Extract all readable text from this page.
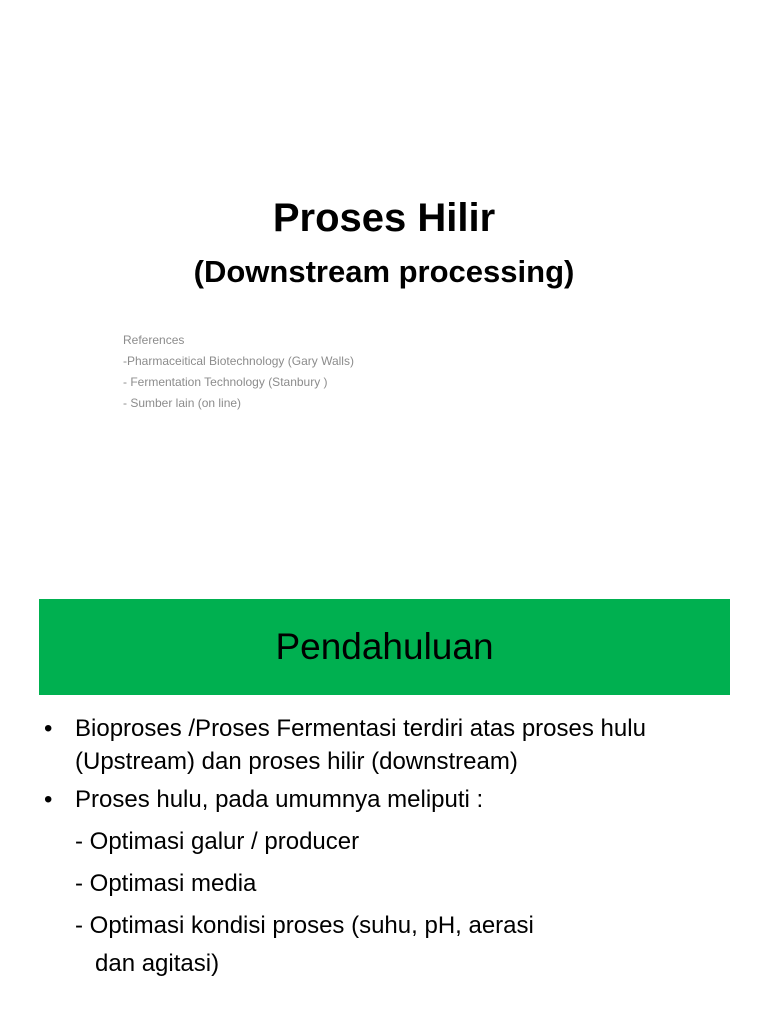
Proses Hilir
(Downstream processing)
References
-Pharmaceitical Biotechnology (Gary Walls)
- Fermentation Technology (Stanbury )
- Sumber lain (on line)
Pendahuluan
• Bioproses /Proses Fermentasi terdiri atas proses hulu
(Upstream) dan proses hilir (downstream)
• Proses hulu, pada umumnya meliputi :
- Optimasi galur / producer
- Optimasi media
- Optimasi kondisi proses (suhu, pH, aerasi
dan agitasi)
